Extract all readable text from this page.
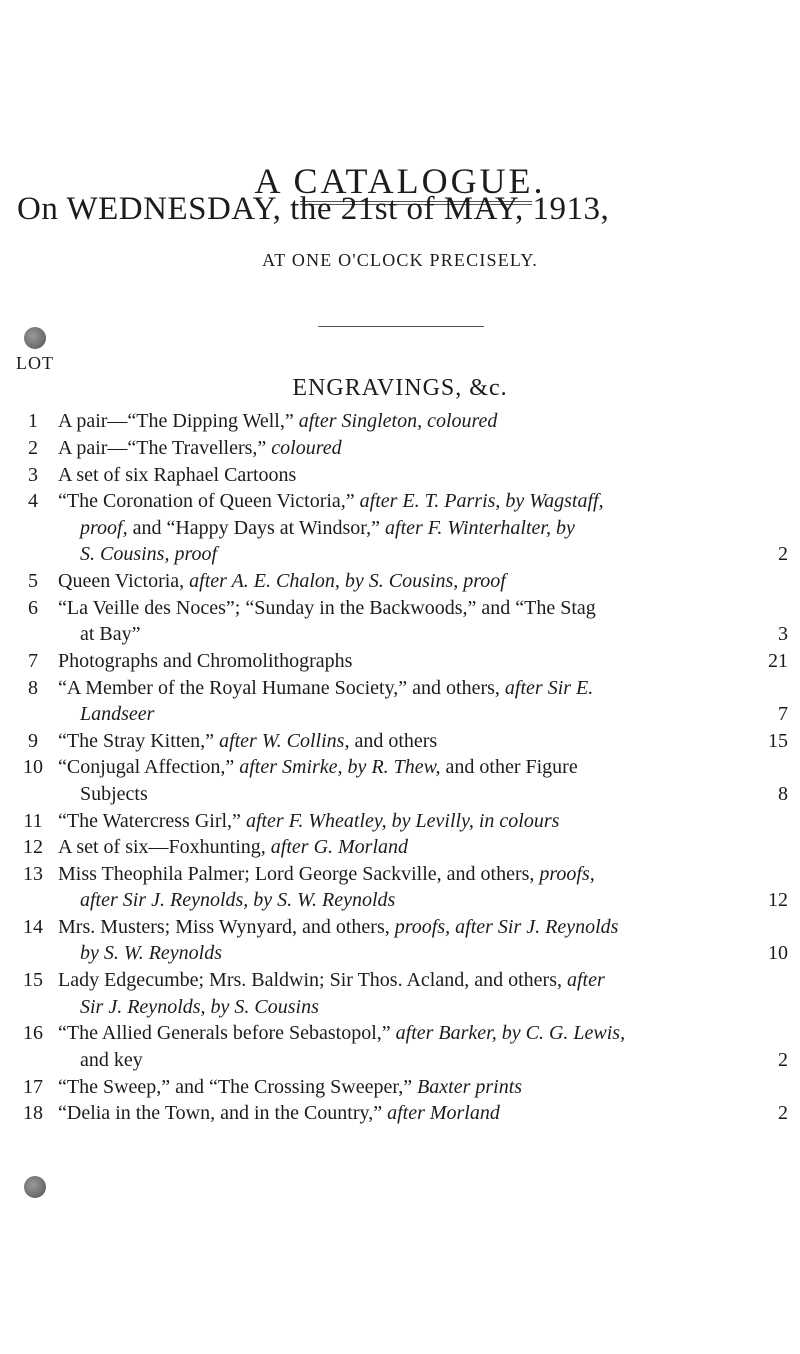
A CATALOGUE.
On WEDNESDAY, the 21st of MAY, 1913,
AT ONE O'CLOCK PRECISELY.
ENGRAVINGS, &c.
LOT
1	A pair—“The Dipping Well,” after Singleton, coloured
2	A pair—“The Travellers,” coloured
3	A set of six Raphael Cartoons
4	“The Coronation of Queen Victoria,” after E. T. Parris, by Wagstaff,
proof, and “Happy Days at Windsor,” after F. Winterhalter, by
S. Cousins, proof	2
5	Queen Victoria, after A. E. Chalon, by S. Cousins, proof
6	“La Veille des Noces”; “Sunday in the Backwoods,” and “The Stag
at Bay”	3
7	Photographs and Chromolithographs	21
8	“A Member of the Royal Humane Society,” and others, after Sir E.
Landseer	7
9	“The Stray Kitten,” after W. Collins, and others	15
10 “Conjugal Affection,” after Smirke, by R. Thew, and other Figure
Subjects	8
11 “The Watercress Girl,” after F. Wheatley, by Levilly, in colours
12 A set of six—Foxhunting, after G. Morland
13 Miss Theophila Palmer; Lord George Sackville, and others, proofs,
after Sir J. Reynolds, by S. W. Reynolds	12
14 Mrs. Musters; Miss Wynyard, and others, proofs, after Sir J. Reynolds
by S. W. Reynolds	10
15 Lady Edgecumbe; Mrs. Baldwin; Sir Thos. Acland, and others, after
Sir J. Reynolds, by S. Cousins
16 “The Allied Generals before Sebastopol,” after Barker, by C. G. Lewis,
and key	2
17 “The Sweep,” and “The Crossing Sweeper,” Baxter prints
18 “Delia in the Town, and in the Country,” after Morland	2
